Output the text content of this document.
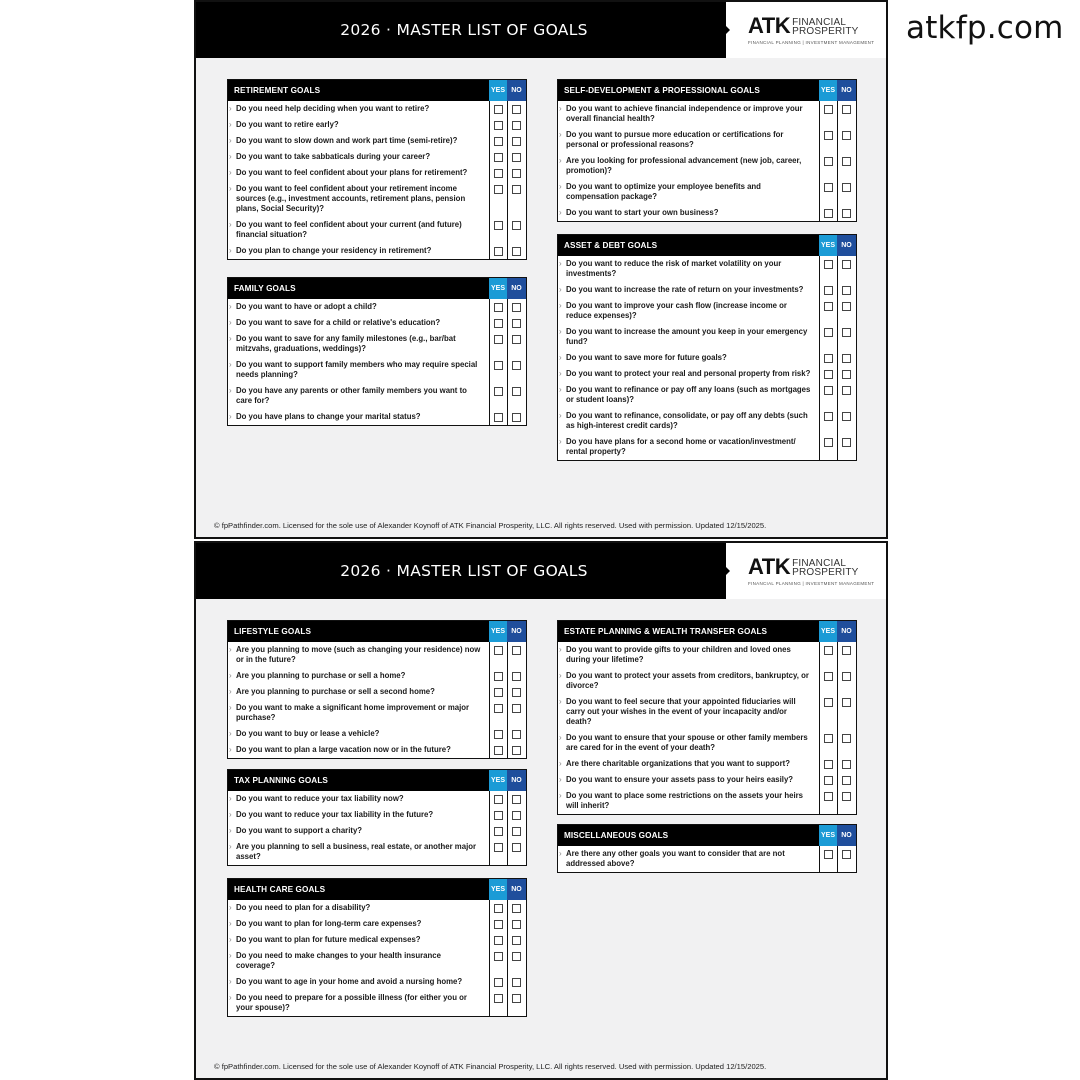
atkfp.com
2026 · MASTER LIST OF GOALS	ATK FINANCIAL
PROSPERITY
FINANCIAL PLANNING | INVESTMENT MANAGEMENT
RETIREMENT GOALS	YES NO
› Do you need help deciding when you want to retire?
› Do you want to retire early?
› Do you want to slow down and work part time (semi-retire)?
› Do you want to take sabbaticals during your career?
› Do you want to feel confident about your plans for retirement?
› Do you want to feel confident about your retirement income sources (e.g., investment accounts, retirement plans, pension plans, Social Security)?
› Do you want to feel confident about your current (and future) financial situation?
› Do you plan to change your residency in retirement?
FAMILY GOALS	YES NO
› Do you want to have or adopt a child?
› Do you want to save for a child or relative's education?
› Do you want to save for any family milestones (e.g., bar/bat mitzvahs, graduations, weddings)?
› Do you want to support family members who may require special needs planning?
› Do you have any parents or other family members you want to care for?
› Do you have plans to change your marital status?
SELF-DEVELOPMENT & PROFESSIONAL GOALS	YES NO
› Do you want to achieve financial independence or improve your overall financial health?
› Do you want to pursue more education or certifications for personal or professional reasons?
› Are you looking for professional advancement (new job, career, promotion)?
› Do you want to optimize your employee benefits and compensation package?
› Do you want to start your own business?
ASSET & DEBT GOALS	YES NO
› Do you want to reduce the risk of market volatility on your investments?
› Do you want to increase the rate of return on your investments?
› Do you want to improve your cash flow (increase income or reduce expenses)?
› Do you want to increase the amount you keep in your emergency fund?
› Do you want to save more for future goals?
› Do you want to protect your real and personal property from risk?
› Do you want to refinance or pay off any loans (such as mortgages or student loans)?
› Do you want to refinance, consolidate, or pay off any debts (such as high-interest credit cards)?
› Do you have plans for a second home or vacation/investment/ rental property?
© fpPathfinder.com. Licensed for the sole use of Alexander Koynoff of ATK Financial Prosperity, LLC. All rights reserved. Used with permission. Updated 12/15/2025.
2026 · MASTER LIST OF GOALS	ATK FINANCIAL
PROSPERITY
FINANCIAL PLANNING | INVESTMENT MANAGEMENT
LIFESTYLE GOALS	YES NO
› Are you planning to move (such as changing your residence) now or in the future?
› Are you planning to purchase or sell a home?
› Are you planning to purchase or sell a second home?
› Do you want to make a significant home improvement or major purchase?
› Do you want to buy or lease a vehicle?
› Do you want to plan a large vacation now or in the future?
TAX PLANNING GOALS	YES NO
› Do you want to reduce your tax liability now?
› Do you want to reduce your tax liability in the future?
› Do you want to support a charity?
› Are you planning to sell a business, real estate, or another major asset?
HEALTH CARE GOALS	YES NO
› Do you need to plan for a disability?
› Do you want to plan for long-term care expenses?
› Do you want to plan for future medical expenses?
› Do you need to make changes to your health insurance coverage?
› Do you want to age in your home and avoid a nursing home?
› Do you need to prepare for a possible illness (for either you or your spouse)?
ESTATE PLANNING & WEALTH TRANSFER GOALS	YES NO
› Do you want to provide gifts to your children and loved ones during your lifetime?
› Do you want to protect your assets from creditors, bankruptcy, or divorce?
› Do you want to feel secure that your appointed fiduciaries will carry out your wishes in the event of your incapacity and/or death?
› Do you want to ensure that your spouse or other family members are cared for in the event of your death?
› Are there charitable organizations that you want to support?
› Do you want to ensure your assets pass to your heirs easily?
› Do you want to place some restrictions on the assets your heirs will inherit?
MISCELLANEOUS GOALS	YES NO
› Are there any other goals you want to consider that are not addressed above?
© fpPathfinder.com. Licensed for the sole use of Alexander Koynoff of ATK Financial Prosperity, LLC. All rights reserved. Used with permission. Updated 12/15/2025.
